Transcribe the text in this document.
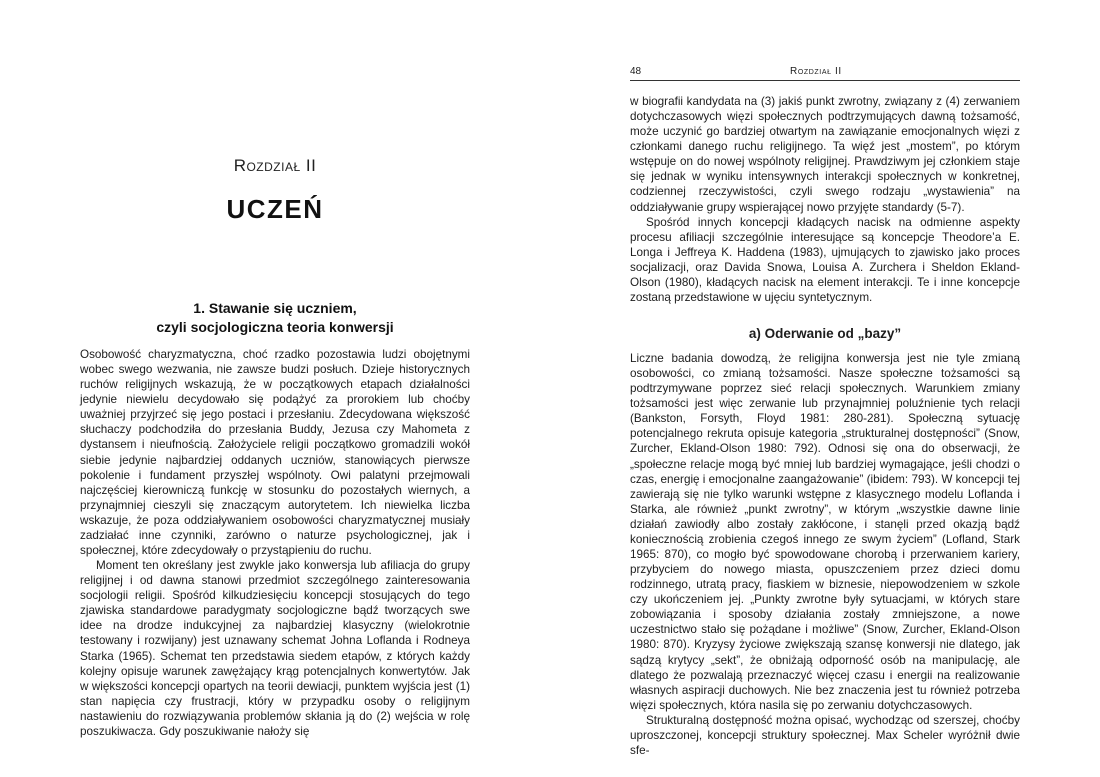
Rozdział II
UCZEŃ
1. Stawanie się uczniem,
czyli socjologiczna teoria konwersji

Osobowość charyzmatyczna, choć rzadko pozostawia ludzi obojętnymi wobec swego wezwania, nie zawsze budzi posłuch. Dzieje historycznych ruchów religijnych wskazują, że w początkowych etapach działalności jedynie niewielu decydowało się podążyć za prorokiem lub choćby uważniej przyjrzeć się jego postaci i przesłaniu. Zdecydowana większość słuchaczy podchodziła do przesłania Buddy, Jezusa czy Mahometa z dystansem i nieufnością. Założyciele religii początkowo gromadzili wokół siebie jedynie najbardziej oddanych uczniów, stanowiących pierwsze pokolenie i fundament przyszłej wspólnoty. Owi palatyni przejmowali najczęściej kierowniczą funkcję w stosunku do pozostałych wiernych, a przynajmniej cieszyli się znaczącym autorytetem. Ich niewielka liczba wskazuje, że poza oddziaływaniem osobowości charyzmatycznej musiały zadziałać inne czynniki, zarówno o naturze psychologicznej, jak i społecznej, które zdecydowały o przystąpieniu do ruchu.

Moment ten określany jest zwykle jako konwersja lub afiliacja do grupy religijnej i od dawna stanowi przedmiot szczególnego zainteresowania socjologii religii. Spośród kilkudziesięciu koncepcji stosujących do tego zjawiska standardowe paradygmaty socjologiczne bądź tworzących swe idee na drodze indukcyjnej za najbardziej klasyczny (wielokrotnie testowany i rozwijany) jest uznawany schemat Johna Loflanda i Rodneya Starka (1965). Schemat ten przedstawia siedem etapów, z których każdy kolejny opisuje warunek zawężający krąg potencjalnych konwertytów. Jak w większości koncepcji opartych na teorii dewiacji, punktem wyjścia jest (1) stan napięcia czy frustracji, który w przypadku osoby o religijnym nastawieniu do rozwiązywania problemów skłania ją do (2) wejścia w rolę poszukiwacza. Gdy poszukiwanie nałoży się

48	Rozdział II

w biografii kandydata na (3) jakiś punkt zwrotny, związany z (4) zerwaniem dotychczasowych więzi społecznych podtrzymujących dawną tożsamość, może uczynić go bardziej otwartym na zawiązanie emocjonalnych więzi z członkami danego ruchu religijnego. Ta więź jest „mostem”, po którym wstępuje on do nowej wspólnoty religijnej. Prawdziwym jej członkiem staje się jednak w wyniku intensywnych interakcji społecznych w konkretnej, codziennej rzeczywistości, czyli swego rodzaju „wystawienia” na oddziaływanie grupy wspierającej nowo przyjęte standardy (5-7).

Spośród innych koncepcji kładących nacisk na odmienne aspekty procesu afiliacji szczególnie interesujące są koncepcje Theodore’a E. Longa i Jeffreya K. Haddena (1983), ujmujących to zjawisko jako proces socjalizacji, oraz Davida Snowa, Louisa A. Zurchera i Sheldon Ekland-Olson (1980), kładących nacisk na element interakcji. Te i inne koncepcje zostaną przedstawione w ujęciu syntetycznym.

a) Oderwanie od „bazy”

Liczne badania dowodzą, że religijna konwersja jest nie tyle zmianą osobowości, co zmianą tożsamości. Nasze społeczne tożsamości są podtrzymywane poprzez sieć relacji społecznych. Warunkiem zmiany tożsamości jest więc zerwanie lub przynajmniej poluźnienie tych relacji (Bankston, Forsyth, Floyd 1981: 280-281). Społeczną sytuację potencjalnego rekruta opisuje kategoria „strukturalnej dostępności” (Snow, Zurcher, Ekland-Olson 1980: 792). Odnosi się ona do obserwacji, że „społeczne relacje mogą być mniej lub bardziej wymagające, jeśli chodzi o czas, energię i emocjonalne zaangażowanie” (ibidem: 793). W koncepcji tej zawierają się nie tylko warunki wstępne z klasycznego modelu Loflanda i Starka, ale również „punkt zwrotny”, w którym „wszystkie dawne linie działań zawiodły albo zostały zakłócone, i stanęli przed okazją bądź koniecznością zrobienia czegoś innego ze swym życiem” (Lofland, Stark 1965: 870), co mogło być spowodowane chorobą i przerwaniem kariery, przybyciem do nowego miasta, opuszczeniem przez dzieci domu rodzinnego, utratą pracy, fiaskiem w biznesie, niepowodzeniem w szkole czy ukończeniem jej. „Punkty zwrotne były sytuacjami, w których stare zobowiązania i sposoby działania zostały zmniejszone, a nowe uczestnictwo stało się pożądane i możliwe” (Snow, Zurcher, Ekland-Olson 1980: 870). Kryzysy życiowe zwiększają szansę konwersji nie dlatego, jak sądzą krytycy „sekt”, że obniżają odporność osób na manipulację, ale dlatego że pozwalają przeznaczyć więcej czasu i energii na realizowanie własnych aspiracji duchowych. Nie bez znaczenia jest tu również potrzeba więzi społecznych, która nasila się po zerwaniu dotychczasowych.

Strukturalną dostępność można opisać, wychodząc od szerszej, choćby uproszczonej, koncepcji struktury społecznej. Max Scheler wyróżnił dwie sfe-
